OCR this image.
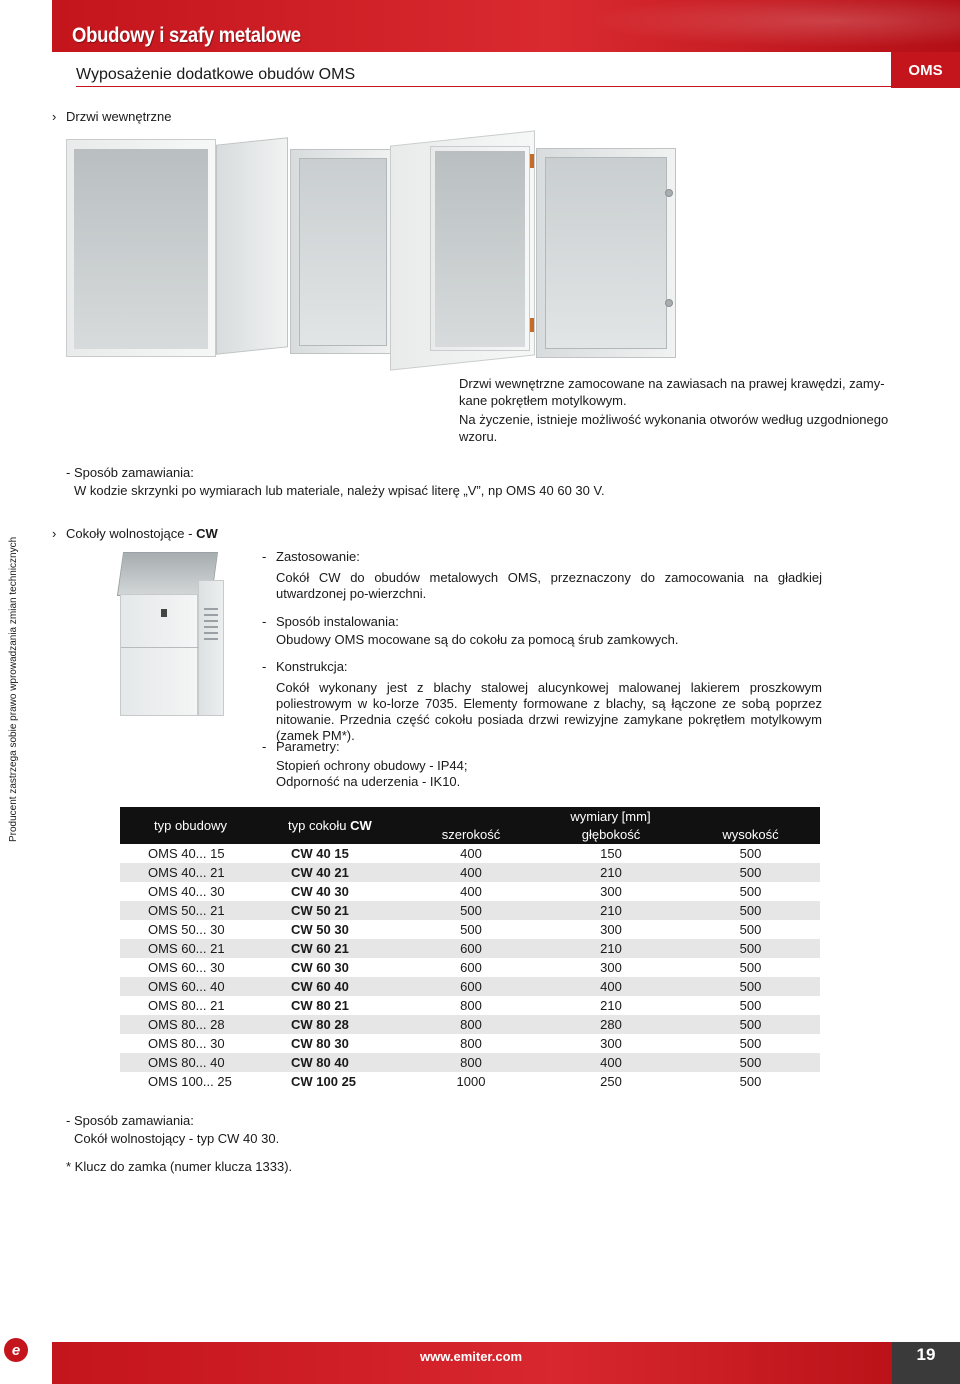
Obudowy i szafy metalowe
Wyposażenie dodatkowe obudów OMS	OMS
Producent zastrzega sobie prawo wprowadzania zmian technicznych
› Drzwi wewnętrzne
Drzwi wewnętrzne zamocowane na zawiasach na prawej krawędzi, zamy-
kane pokrętłem motylkowym.
Na życzenie, istnieje możliwość wykonania otworów według uzgodnionego
wzoru.
- Sposób zamawiania:
W kodzie skrzynki po wymiarach lub materiale, należy wpisać literę „V”, np OMS 40 60 30 V.
› Cokoły wolnostojące - CW
- Zastosowanie:
Cokół CW do obudów metalowych OMS, przeznaczony do zamocowania na gładkiej utwardzonej po-wierzchni.
- Sposób instalowania:
Obudowy OMS mocowane są do cokołu za pomocą śrub zamkowych.
- Konstrukcja:
Cokół wykonany jest z blachy stalowej alucynkowej malowanej lakierem proszkowym poliestrowym w ko-lorze 7035. Elementy formowane z blachy, są łączone ze sobą poprzez nitowanie. Przednia część cokołu posiada drzwi rewizyjne zamykane pokrętłem motylkowym (zamek PM*).
- Parametry:
Stopień ochrony obudowy - IP44;
Odporność na uderzenia - IK10.
typ obudowy	typ cokołu CW	wymiary [mm]		
		szerokość	głębokość	wysokość
OMS 40... 15	CW 40 15	400	150	500
OMS 40... 21	CW 40 21	400	210	500
OMS 40... 30	CW 40 30	400	300	500
OMS 50... 21	CW 50 21	500	210	500
OMS 50... 30	CW 50 30	500	300	500
OMS 60... 21	CW 60 21	600	210	500
OMS 60... 30	CW 60 30	600	300	500
OMS 60... 40	CW 60 40	600	400	500
OMS 80... 21	CW 80 21	800	210	500
OMS 80... 28	CW 80 28	800	280	500
OMS 80... 30	CW 80 30	800	300	500
OMS 80... 40	CW 80 40	800	400	500
OMS 100... 25	CW 100 25	1000	250	500
- Sposób zamawiania:
Cokół wolnostojący - typ CW 40 30.
* Klucz do zamka (numer klucza 1333).
e	www.emiter.com	19
